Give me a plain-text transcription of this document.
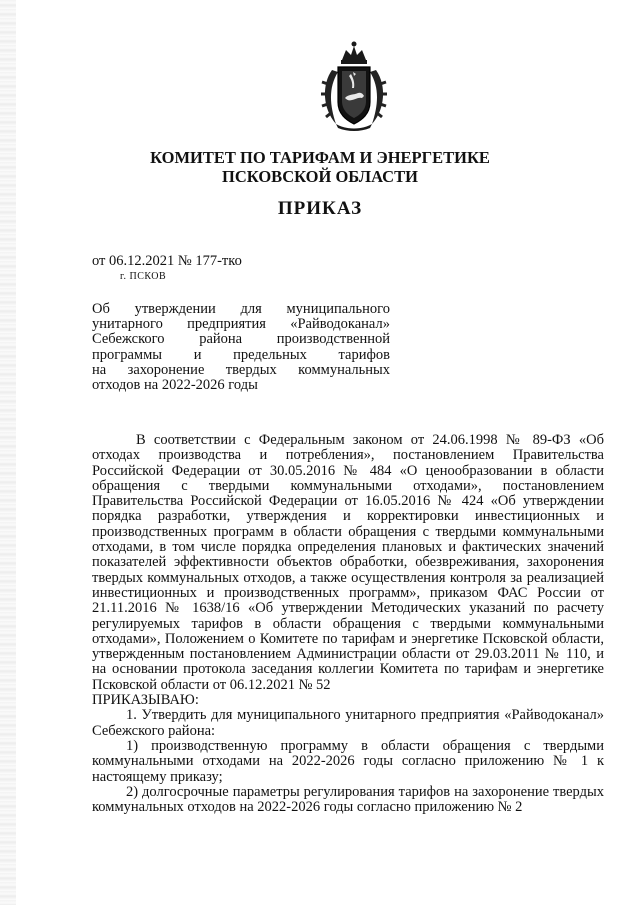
КОМИТЕТ ПО ТАРИФАМ И ЭНЕРГЕТИКЕ
ПСКОВСКОЙ ОБЛАСТИ
ПРИКАЗ
от 06.12.2021 № 177-тко
г. ПСКОВ
Об утверждении для муниципального
унитарного предприятия «Райводоканал»
Себежского района производственной
программы и предельных тарифов
на захоронение твердых коммунальных
отходов на 2022-2026 годы

В соответствии с Федеральным законом от 24.06.1998 № 89-ФЗ «Об отходах производства и потребления», постановлением Правительства Российской Федерации от 30.05.2016 № 484 «О ценообразовании в области обращения с твердыми коммунальными отходами», постановлением Правительства Российской Федерации от 16.05.2016 № 424 «Об утверждении порядка разработки, утверждения и корректировки инвестиционных и производственных программ в области обращения с твердыми коммунальными отходами, в том числе порядка определения плановых и фактических значений показателей эффективности объектов обработки, обезвреживания, захоронения твердых коммунальных отходов, а также осуществления контроля за реализацией инвестиционных и производственных программ», приказом ФАС России от 21.11.2016 № 1638/16 «Об утверждении Методических указаний по расчету регулируемых тарифов в области обращения с твердыми коммунальными отходами», Положением о Комитете по тарифам и энергетике Псковской области, утвержденным постановлением Администрации области от 29.03.2011 № 110, и на основании протокола заседания коллегии Комитета по тарифам и энергетике Псковской области от 06.12.2021 № 52

ПРИКАЗЫВАЮ:

1. Утвердить для муниципального унитарного предприятия «Райводоканал» Себежского района:

1) производственную программу в области обращения с твердыми коммунальными отходами на 2022-2026 годы согласно приложению № 1 к настоящему приказу;

2) долгосрочные параметры регулирования тарифов на захоронение твердых коммунальных отходов на 2022-2026 годы согласно приложению № 2
